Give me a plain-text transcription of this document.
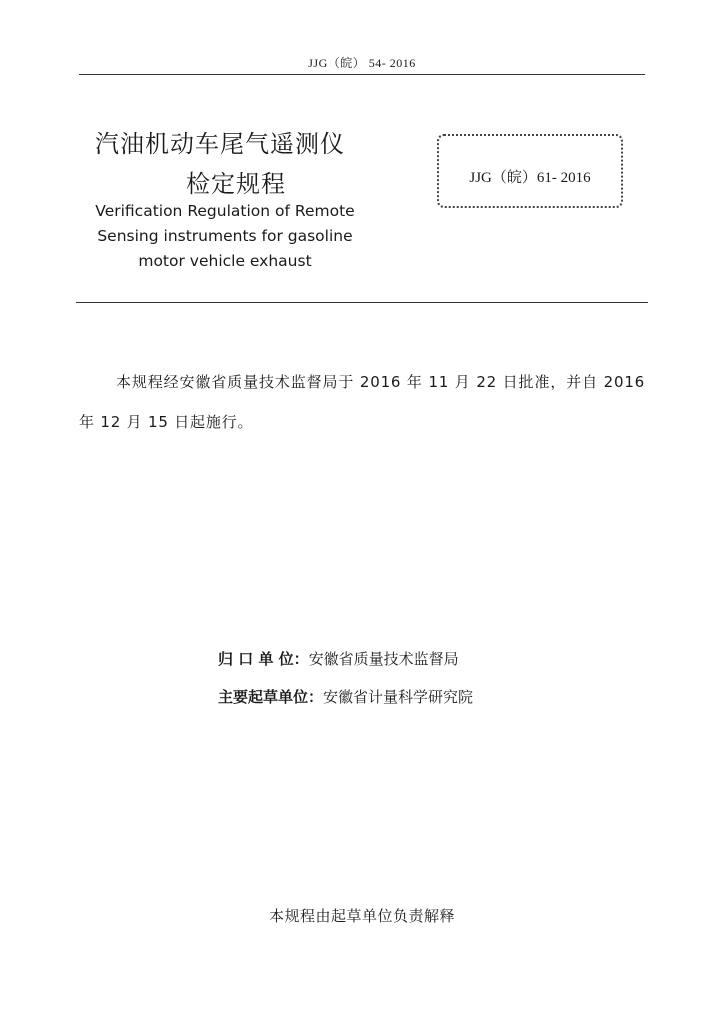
JJG（皖） 54- 2016
汽油机动车尾气遥测仪
检定规程
Verification Regulation of Remote
Sensing instruments for gasoline
motor vehicle exhaust
JJG（皖）61- 2016
本规程经安徽省质量技术监督局于 2016 年 11 月 22 日批准，并自 2016 年 12 月 15 日起施行。
归 口 单 位：安徽省质量技术监督局
主要起草单位：安徽省计量科学研究院
本规程由起草单位负责解释
